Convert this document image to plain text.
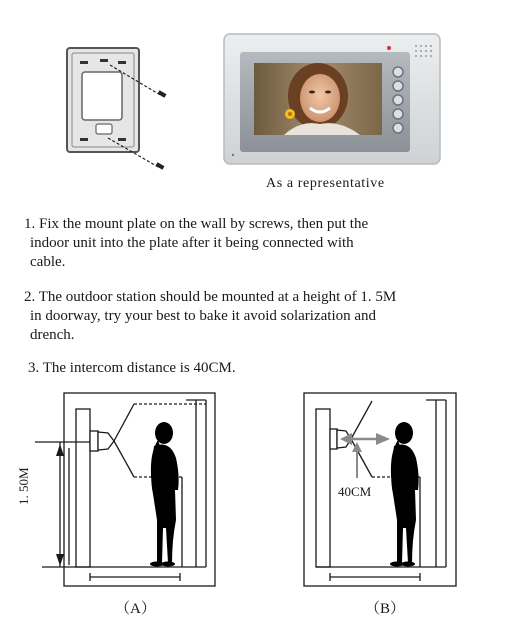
As a representative
1. Fix the mount plate on the wall by screws, then put the
indoor unit into the plate after it being connected with
cable.
2. The outdoor station should be mounted at a height of 1. 5M
in doorway, try your best to bake it avoid solarization and
drench.
3. The intercom distance is 40CM.
1. 50M
（A）
40CM
（B）
